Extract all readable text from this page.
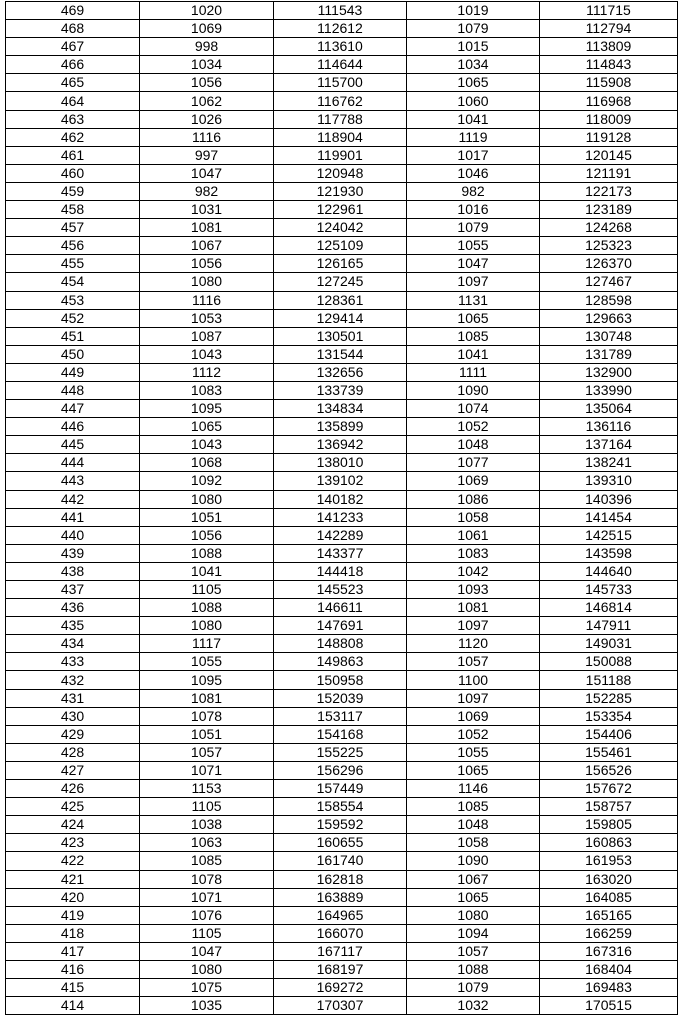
469	1020	111543	1019	111715
468	1069	112612	1079	112794
467	998	113610	1015	113809
466	1034	114644	1034	114843
465	1056	115700	1065	115908
464	1062	116762	1060	116968
463	1026	117788	1041	118009
462	1116	118904	1119	119128
461	997	119901	1017	120145
460	1047	120948	1046	121191
459	982	121930	982	122173
458	1031	122961	1016	123189
457	1081	124042	1079	124268
456	1067	125109	1055	125323
455	1056	126165	1047	126370
454	1080	127245	1097	127467
453	1116	128361	1131	128598
452	1053	129414	1065	129663
451	1087	130501	1085	130748
450	1043	131544	1041	131789
449	1112	132656	1111	132900
448	1083	133739	1090	133990
447	1095	134834	1074	135064
446	1065	135899	1052	136116
445	1043	136942	1048	137164
444	1068	138010	1077	138241
443	1092	139102	1069	139310
442	1080	140182	1086	140396
441	1051	141233	1058	141454
440	1056	142289	1061	142515
439	1088	143377	1083	143598
438	1041	144418	1042	144640
437	1105	145523	1093	145733
436	1088	146611	1081	146814
435	1080	147691	1097	147911
434	1117	148808	1120	149031
433	1055	149863	1057	150088
432	1095	150958	1100	151188
431	1081	152039	1097	152285
430	1078	153117	1069	153354
429	1051	154168	1052	154406
428	1057	155225	1055	155461
427	1071	156296	1065	156526
426	1153	157449	1146	157672
425	1105	158554	1085	158757
424	1038	159592	1048	159805
423	1063	160655	1058	160863
422	1085	161740	1090	161953
421	1078	162818	1067	163020
420	1071	163889	1065	164085
419	1076	164965	1080	165165
418	1105	166070	1094	166259
417	1047	167117	1057	167316
416	1080	168197	1088	168404
415	1075	169272	1079	169483
414	1035	170307	1032	170515
